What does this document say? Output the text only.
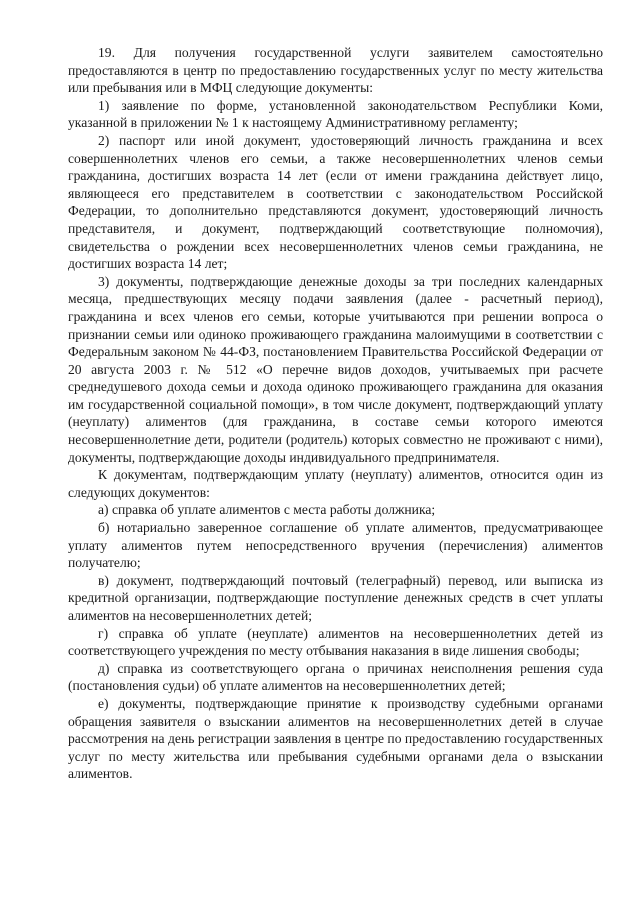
19. Для получения государственной услуги заявителем самостоятельно предоставляются в центр по предоставлению государственных услуг по месту жительства или пребывания или в МФЦ следующие документы:

1) заявление по форме, установленной законодательством Республики Коми, указанной в приложении № 1 к настоящему Административному регламенту;

2) паспорт или иной документ, удостоверяющий личность гражданина и всех совершеннолетних членов его семьи, а также несовершеннолетних членов семьи гражданина, достигших возраста 14 лет (если от имени гражданина действует лицо, являющееся его представителем в соответствии с законодательством Российской Федерации, то дополнительно представляются документ, удостоверяющий личность представителя, и документ, подтверждающий соответствующие полномочия), свидетельства о рождении всех несовершеннолетних членов семьи гражданина, не достигших возраста 14 лет;

3) документы, подтверждающие денежные доходы за три последних календарных месяца, предшествующих месяцу подачи заявления (далее - расчетный период), гражданина и всех членов его семьи, которые учитываются при решении вопроса о признании семьи или одиноко проживающего гражданина малоимущими в соответствии с Федеральным законом № 44-ФЗ, постановлением Правительства Российской Федерации от 20 августа 2003 г. № 512 «О перечне видов доходов, учитываемых при расчете среднедушевого дохода семьи и дохода одиноко проживающего гражданина для оказания им государственной социальной помощи», в том числе документ, подтверждающий уплату (неуплату) алиментов (для гражданина, в составе семьи которого имеются несовершеннолетние дети, родители (родитель) которых совместно не проживают с ними), документы, подтверждающие доходы индивидуального предпринимателя.

К документам, подтверждающим уплату (неуплату) алиментов, относится один из следующих документов:

а) справка об уплате алиментов с места работы должника;

б) нотариально заверенное соглашение об уплате алиментов, предусматривающее уплату алиментов путем непосредственного вручения (перечисления) алиментов получателю;

в) документ, подтверждающий почтовый (телеграфный) перевод, или выписка из кредитной организации, подтверждающие поступление денежных средств в счет уплаты алиментов на несовершеннолетних детей;

г) справка об уплате (неуплате) алиментов на несовершеннолетних детей из соответствующего учреждения по месту отбывания наказания в виде лишения свободы;

д) справка из соответствующего органа о причинах неисполнения решения суда (постановления судьи) об уплате алиментов на несовершеннолетних детей;

е) документы, подтверждающие принятие к производству судебными органами обращения заявителя о взыскании алиментов на несовершеннолетних детей в случае рассмотрения на день регистрации заявления в центре по предоставлению государственных услуг по месту жительства или пребывания судебными органами дела о взыскании алиментов.
